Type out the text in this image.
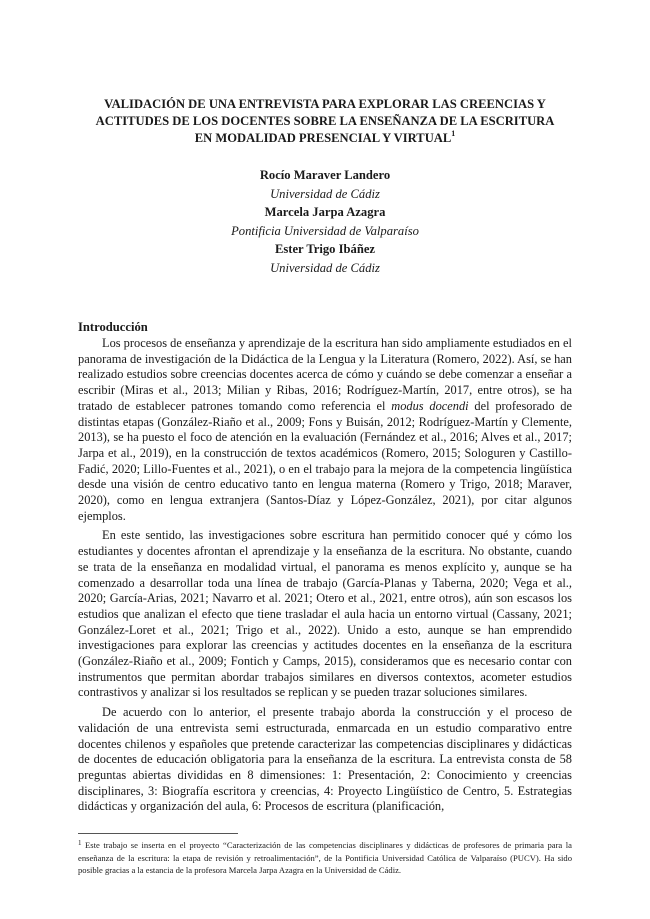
VALIDACIÓN DE UNA ENTREVISTA PARA EXPLORAR LAS CREENCIAS Y
ACTITUDES DE LOS DOCENTES SOBRE LA ENSEÑANZA DE LA ESCRITURA
EN MODALIDAD PRESENCIAL Y VIRTUAL$^1$
Rocío Maraver Landero
Universidad de Cádiz
Marcela Jarpa Azagra
Pontificia Universidad de Valparaíso
Ester Trigo Ibáñez
Universidad de Cádiz
Introducción

Los procesos de enseñanza y aprendizaje de la escritura han sido ampliamente estudiados en el panorama de investigación de la Didáctica de la Lengua y la Literatura (Romero, 2022). Así, se han realizado estudios sobre creencias docentes acerca de cómo y cuándo se debe comenzar a enseñar a escribir (Miras et al., 2013; Milian y Ribas, 2016; Rodríguez-Martín, 2017, entre otros), se ha tratado de establecer patrones tomando como referencia el modus docendi del profesorado de distintas etapas (González-Riaño et al., 2009; Fons y Buisán, 2012; Rodríguez-Martín y Clemente, 2013), se ha puesto el foco de atención en la evaluación (Fernández et al., 2016; Alves et al., 2017; Jarpa et al., 2019), en la construcción de textos académicos (Romero, 2015; Sologuren y Castillo-Fadić, 2020; Lillo-Fuentes et al., 2021), o en el trabajo para la mejora de la competencia lingüística desde una visión de centro educativo tanto en lengua materna (Romero y Trigo, 2018; Maraver, 2020), como en lengua extranjera (Santos-Díaz y López-González, 2021), por citar algunos ejemplos.

En este sentido, las investigaciones sobre escritura han permitido conocer qué y cómo los estudiantes y docentes afrontan el aprendizaje y la enseñanza de la escritura. No obstante, cuando se trata de la enseñanza en modalidad virtual, el panorama es menos explícito y, aunque se ha comenzado a desarrollar toda una línea de trabajo (García-Planas y Taberna, 2020; Vega et al., 2020; García-Arias, 2021; Navarro et al. 2021; Otero et al., 2021, entre otros), aún son escasos los estudios que analizan el efecto que tiene trasladar el aula hacia un entorno virtual (Cassany, 2021; González-Loret et al., 2021; Trigo et al., 2022). Unido a esto, aunque se han emprendido investigaciones para explorar las creencias y actitudes docentes en la enseñanza de la escritura (González-Riaño et al., 2009; Fontich y Camps, 2015), consideramos que es necesario contar con instrumentos que permitan abordar trabajos similares en diversos contextos, acometer estudios contrastivos y analizar si los resultados se replican y se pueden trazar soluciones similares.

De acuerdo con lo anterior, el presente trabajo aborda la construcción y el proceso de validación de una entrevista semi estructurada, enmarcada en un estudio comparativo entre docentes chilenos y españoles que pretende caracterizar las competencias disciplinares y didácticas de docentes de educación obligatoria para la enseñanza de la escritura. La entrevista consta de 58 preguntas abiertas divididas en 8 dimensiones: 1: Presentación, 2: Conocimiento y creencias disciplinares, 3: Biografía escritora y creencias, 4: Proyecto Lingüístico de Centro, 5. Estrategias didácticas y organización del aula, 6: Procesos de escritura (planificación,

$^1$ Este trabajo se inserta en el proyecto “Caracterización de las competencias disciplinares y didácticas de profesores de primaria para la enseñanza de la escritura: la etapa de revisión y retroalimentación”, de la Pontificia Universidad Católica de Valparaíso (PUCV). Ha sido posible gracias a la estancia de la profesora Marcela Jarpa Azagra en la Universidad de Cádiz.
